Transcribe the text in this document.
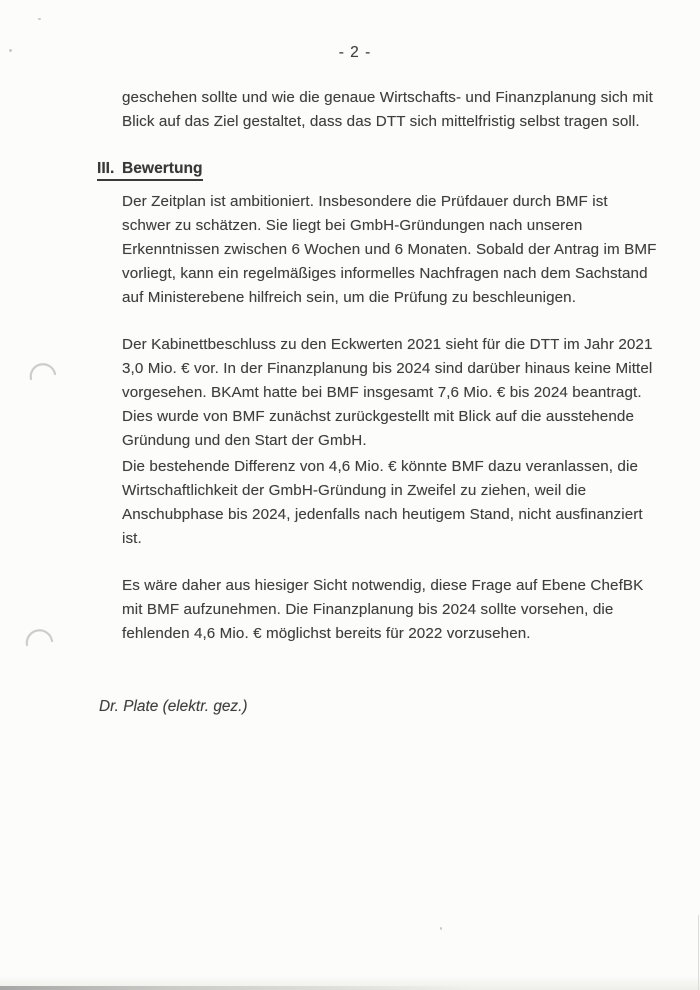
- 2 -
geschehen sollte und wie die genaue Wirtschafts- und Finanzplanung sich mit
Blick auf das Ziel gestaltet, dass das DTT sich mittelfristig selbst tragen soll.
III. Bewertung
Der Zeitplan ist ambitioniert. Insbesondere die Prüfdauer durch BMF ist
schwer zu schätzen. Sie liegt bei GmbH-Gründungen nach unseren
Erkenntnissen zwischen 6 Wochen und 6 Monaten. Sobald der Antrag im BMF
vorliegt, kann ein regelmäßiges informelles Nachfragen nach dem Sachstand
auf Ministerebene hilfreich sein, um die Prüfung zu beschleunigen.
Der Kabinettbeschluss zu den Eckwerten 2021 sieht für die DTT im Jahr 2021
3,0 Mio. € vor. In der Finanzplanung bis 2024 sind darüber hinaus keine Mittel
vorgesehen. BKAmt hatte bei BMF insgesamt 7,6 Mio. € bis 2024 beantragt.
Dies wurde von BMF zunächst zurückgestellt mit Blick auf die ausstehende
Gründung und den Start der GmbH.
Die bestehende Differenz von 4,6 Mio. € könnte BMF dazu veranlassen, die
Wirtschaftlichkeit der GmbH-Gründung in Zweifel zu ziehen, weil die
Anschubphase bis 2024, jedenfalls nach heutigem Stand, nicht ausfinanziert
ist.
Es wäre daher aus hiesiger Sicht notwendig, diese Frage auf Ebene ChefBK
mit BMF aufzunehmen. Die Finanzplanung bis 2024 sollte vorsehen, die
fehlenden 4,6 Mio. € möglichst bereits für 2022 vorzusehen.
Dr. Plate (elektr. gez.)
